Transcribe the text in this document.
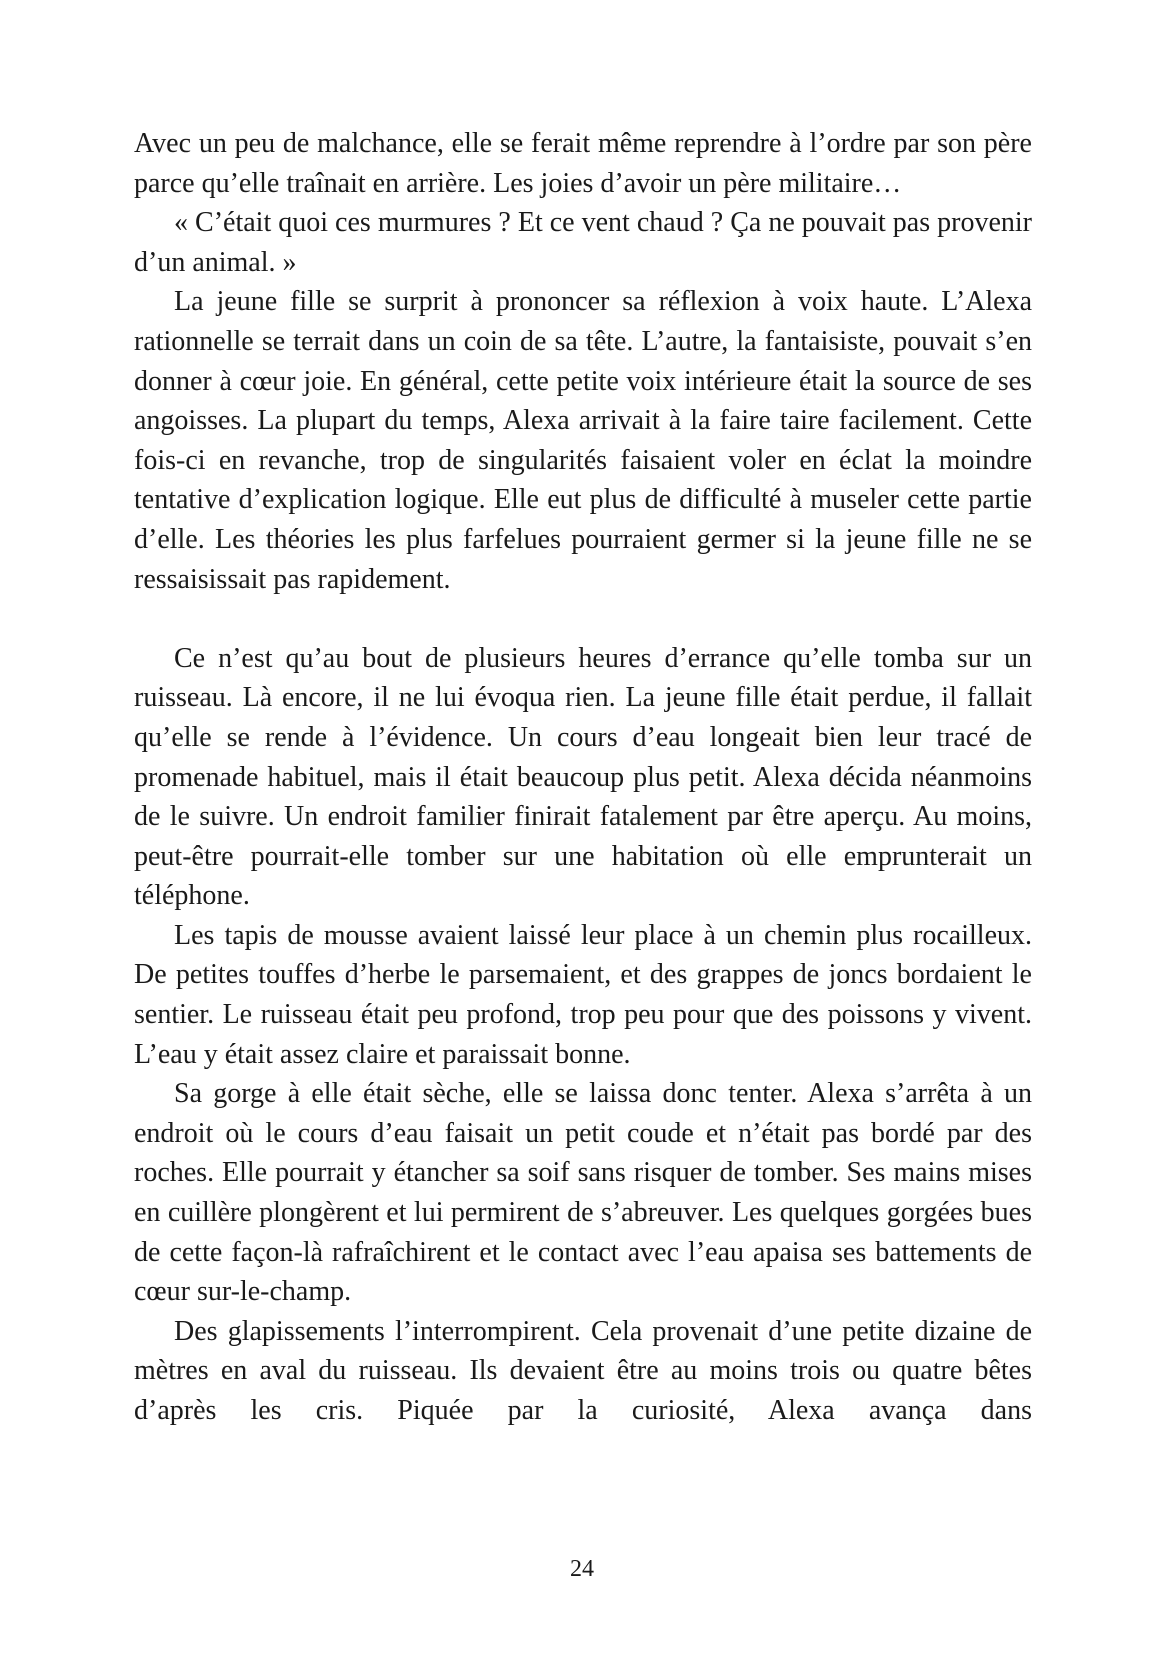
Avec un peu de malchance, elle se ferait même reprendre à l’ordre par son père parce qu’elle traînait en arrière. Les joies d’avoir un père militaire…

« C’était quoi ces murmures ? Et ce vent chaud ? Ça ne pouvait pas provenir d’un animal. »

La jeune fille se surprit à prononcer sa réflexion à voix haute. L’Alexa rationnelle se terrait dans un coin de sa tête. L’autre, la fantaisiste, pouvait s’en donner à cœur joie. En général, cette petite voix intérieure était la source de ses angoisses. La plupart du temps, Alexa arrivait à la faire taire facilement. Cette fois-ci en revanche, trop de singularités faisaient voler en éclat la moindre tentative d’explication logique. Elle eut plus de difficulté à museler cette partie d’elle. Les théories les plus farfelues pourraient germer si la jeune fille ne se ressaisissait pas rapidement.

Ce n’est qu’au bout de plusieurs heures d’errance qu’elle tomba sur un ruisseau. Là encore, il ne lui évoqua rien. La jeune fille était perdue, il fallait qu’elle se rende à l’évidence. Un cours d’eau longeait bien leur tracé de promenade habituel, mais il était beaucoup plus petit. Alexa décida néanmoins de le suivre. Un endroit familier finirait fatalement par être aperçu. Au moins, peut-être pourrait-elle tomber sur une habitation où elle emprunterait un téléphone.

Les tapis de mousse avaient laissé leur place à un chemin plus rocailleux. De petites touffes d’herbe le parsemaient, et des grappes de joncs bordaient le sentier. Le ruisseau était peu profond, trop peu pour que des poissons y vivent. L’eau y était assez claire et paraissait bonne.

Sa gorge à elle était sèche, elle se laissa donc tenter. Alexa s’arrêta à un endroit où le cours d’eau faisait un petit coude et n’était pas bordé par des roches. Elle pourrait y étancher sa soif sans risquer de tomber. Ses mains mises en cuillère plongèrent et lui permirent de s’abreuver. Les quelques gorgées bues de cette façon-là rafraîchirent et le contact avec l’eau apaisa ses battements de cœur sur-le-champ.

Des glapissements l’interrompirent. Cela provenait d’une petite dizaine de mètres en aval du ruisseau. Ils devaient être au moins trois ou quatre bêtes d’après les cris. Piquée par la curiosité, Alexa avança dans

24
